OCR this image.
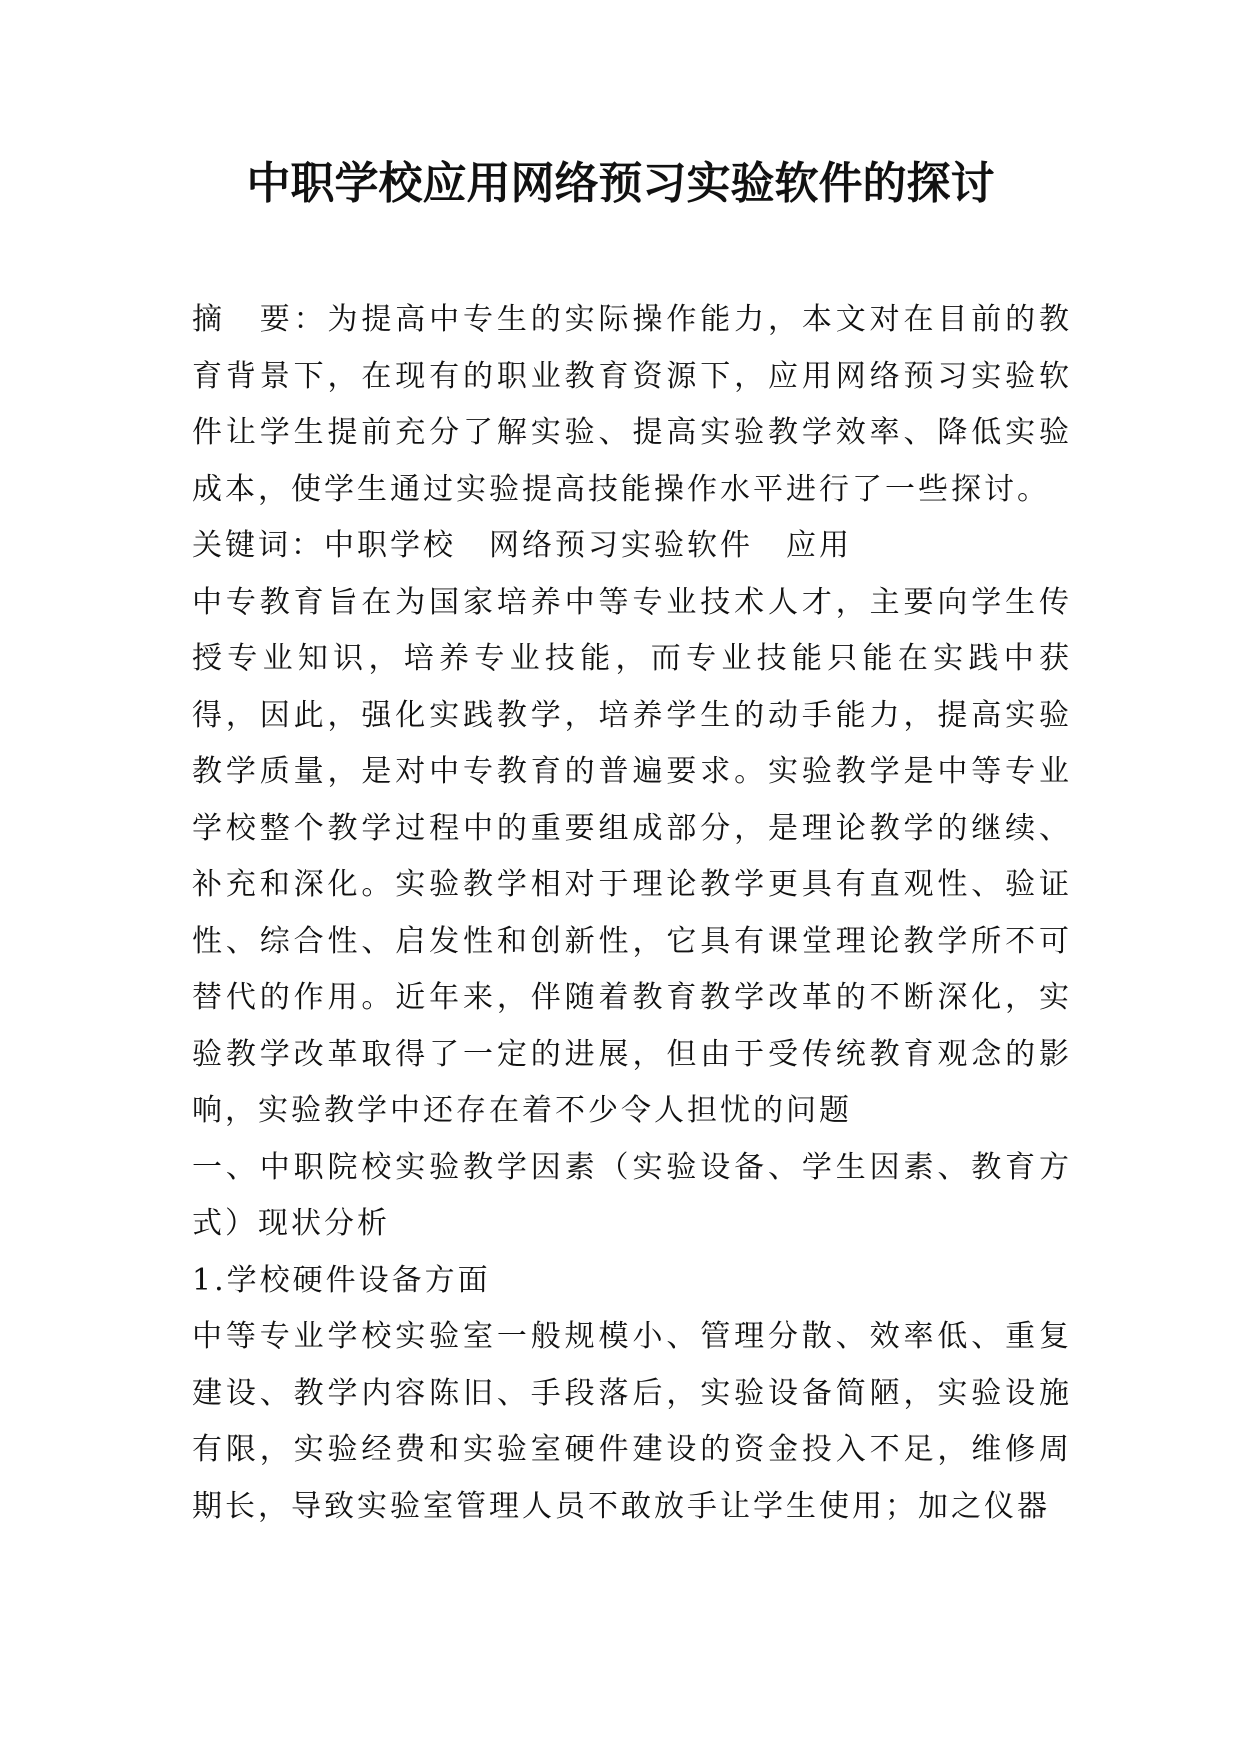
中职学校应用网络预习实验软件的探讨

摘　要：为提高中专生的实际操作能力，本文对在目前的教育背景下，在现有的职业教育资源下，应用网络预习实验软件让学生提前充分了解实验、提高实验教学效率、降低实验成本，使学生通过实验提高技能操作水平进行了一些探讨。

关键词：中职学校　网络预习实验软件　应用

中专教育旨在为国家培养中等专业技术人才，主要向学生传授专业知识，培养专业技能，而专业技能只能在实践中获得，因此，强化实践教学，培养学生的动手能力，提高实验教学质量，是对中专教育的普遍要求。实验教学是中等专业学校整个教学过程中的重要组成部分，是理论教学的继续、补充和深化。实验教学相对于理论教学更具有直观性、验证性、综合性、启发性和创新性，它具有课堂理论教学所不可替代的作用。近年来，伴随着教育教学改革的不断深化，实验教学改革取得了一定的进展，但由于受传统教育观念的影响，实验教学中还存在着不少令人担忧的问题

一、中职院校实验教学因素（实验设备、学生因素、教育方式）现状分析

1.学校硬件设备方面

中等专业学校实验室一般规模小、管理分散、效率低、重复建设、教学内容陈旧、手段落后，实验设备简陋，实验设施有限，实验经费和实验室硬件建设的资金投入不足，维修周期长，导致实验室管理人员不敢放手让学生使用；加之仪器
